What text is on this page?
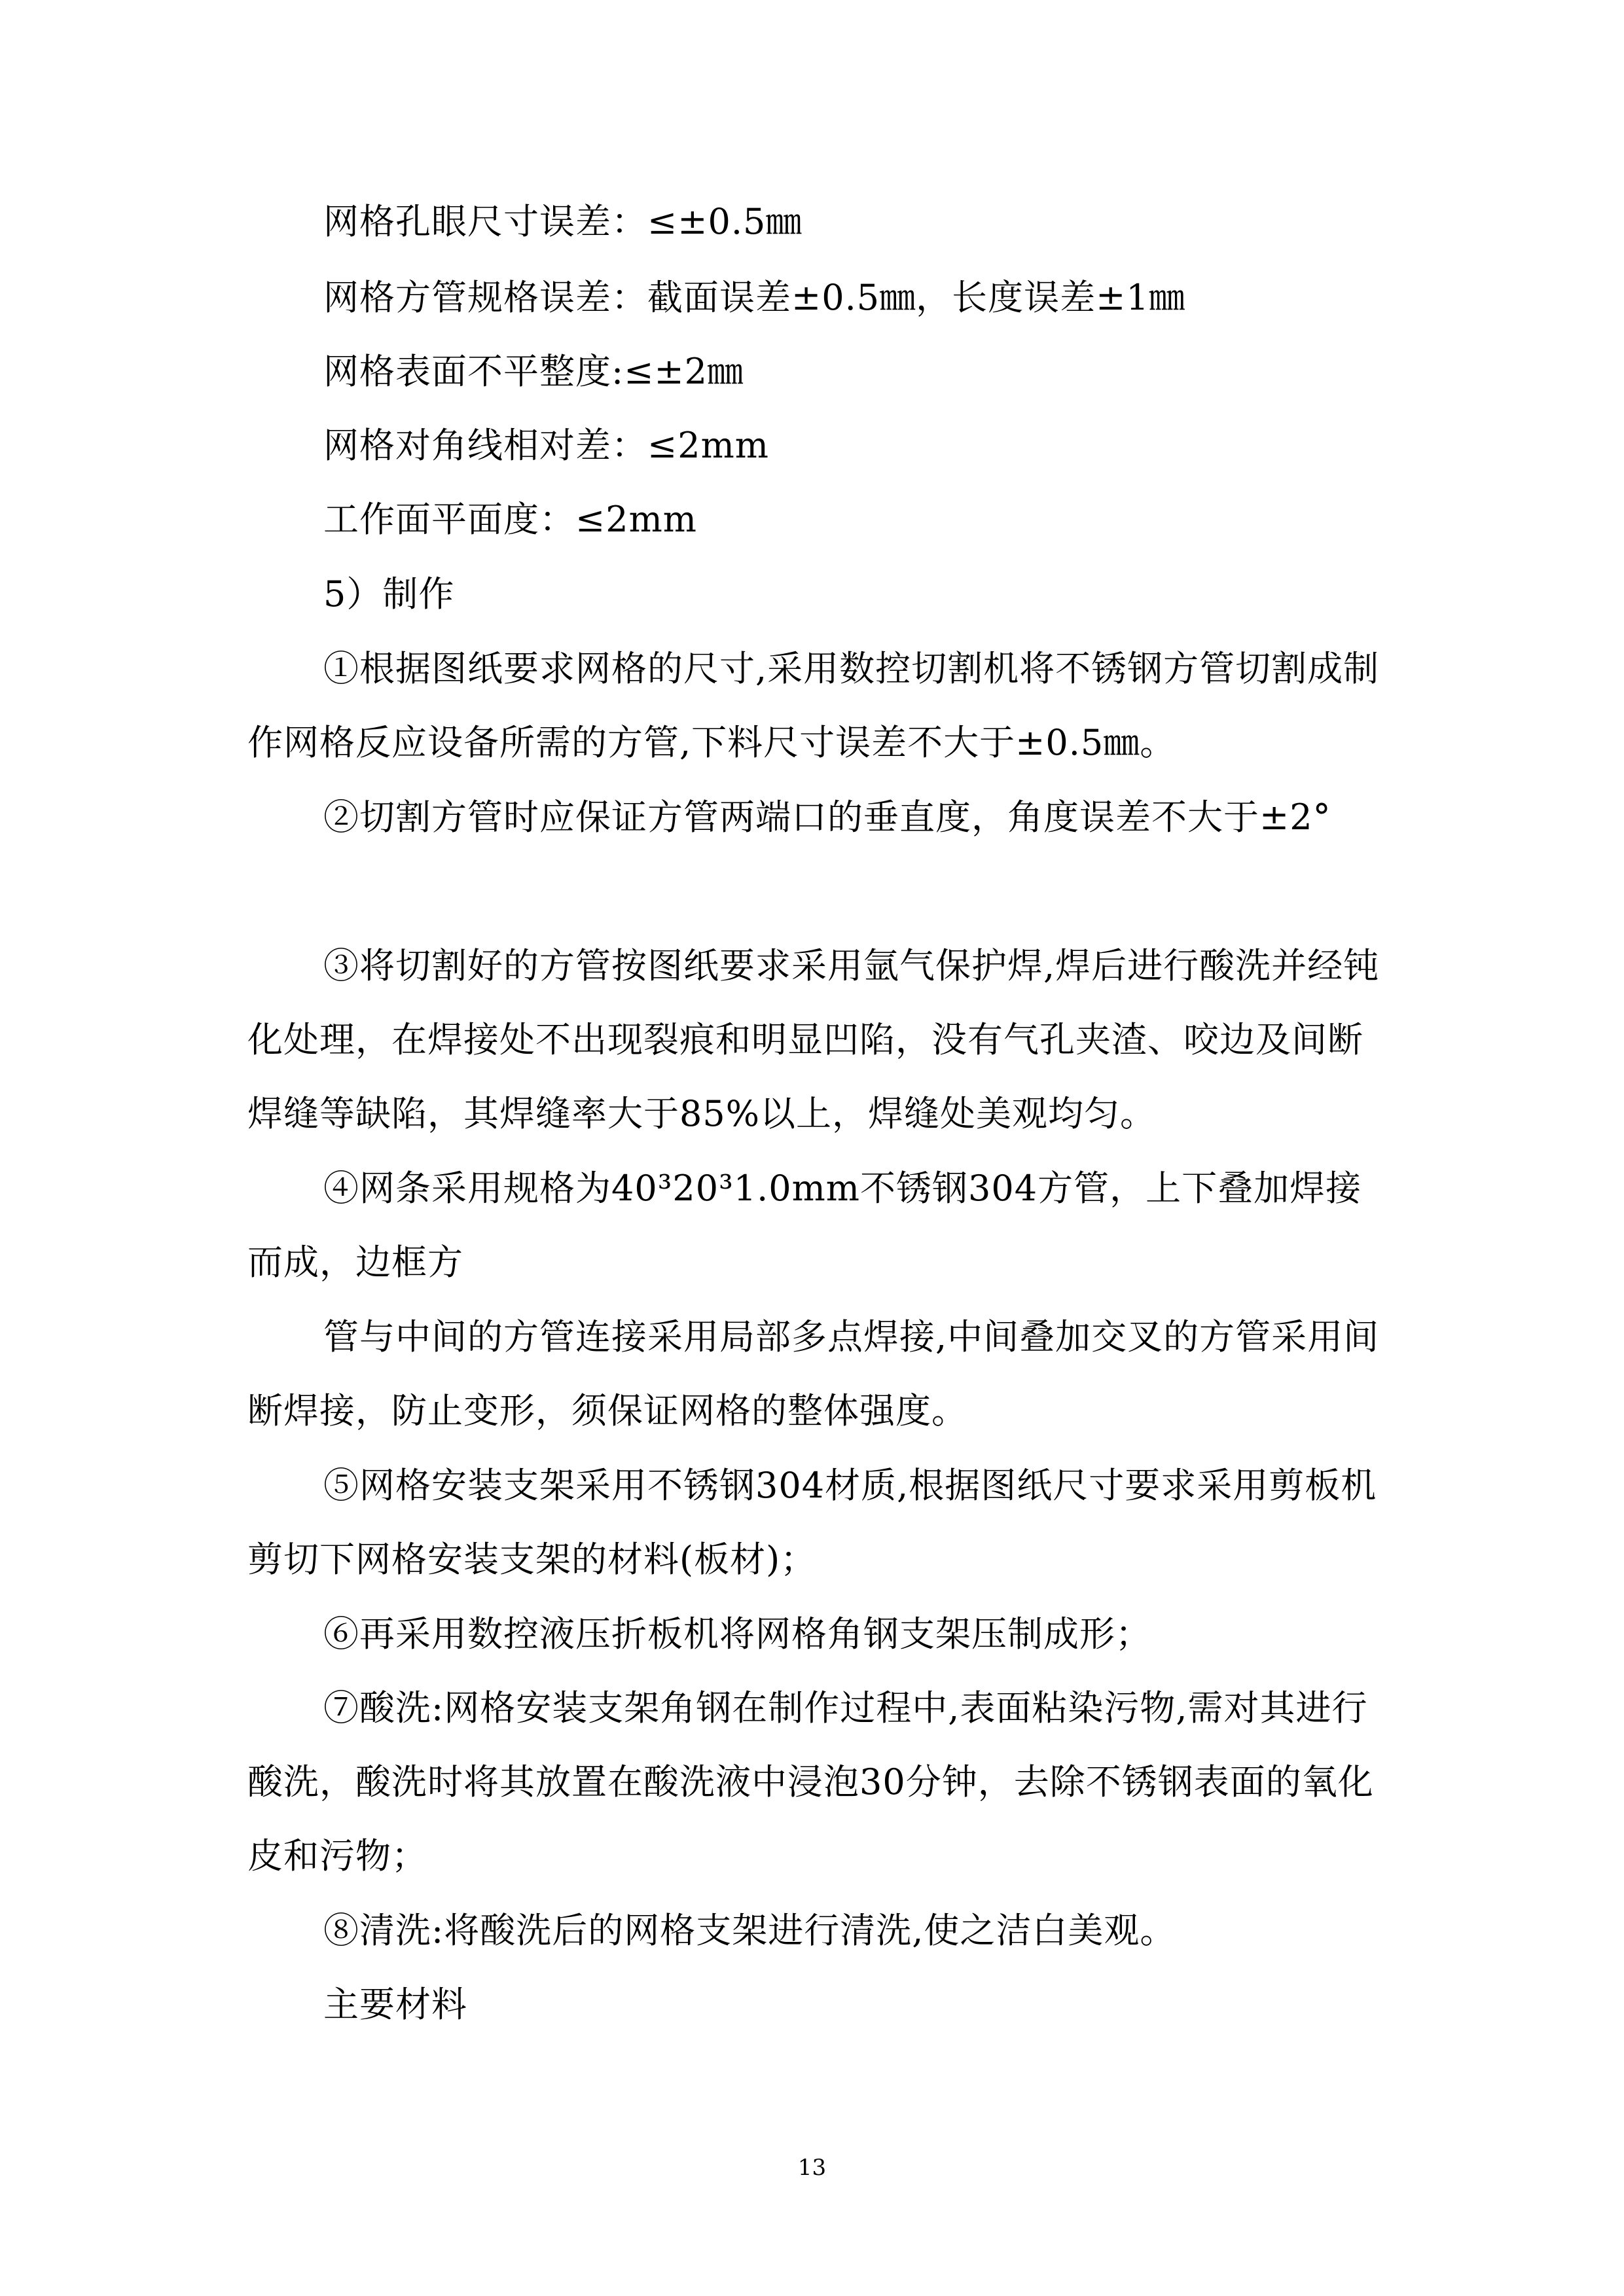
网格孔眼尺寸误差：≤±0.5㎜

网格方管规格误差：截面误差±0.5㎜，长度误差±1㎜

网格表面不平整度:≤±2㎜

网格对角线相对差：≤2mm

工作面平面度：≤2mm

5）制作

①根据图纸要求网格的尺寸,采用数控切割机将不锈钢方管切割成制作网格反应设备所需的方管,下料尺寸误差不大于±0.5㎜。

②切割方管时应保证方管两端口的垂直度，角度误差不大于±2°

③将切割好的方管按图纸要求采用氩气保护焊,焊后进行酸洗并经钝化处理，在焊接处不出现裂痕和明显凹陷，没有气孔夹渣、咬边及间断焊缝等缺陷，其焊缝率大于85%以上，焊缝处美观均匀。

④网条采用规格为40³20³1.0mm不锈钢304方管，上下叠加焊接而成，边框方

管与中间的方管连接采用局部多点焊接,中间叠加交叉的方管采用间断焊接，防止变形，须保证网格的整体强度。

⑤网格安装支架采用不锈钢304材质,根据图纸尺寸要求采用剪板机剪切下网格安装支架的材料(板材)；

⑥再采用数控液压折板机将网格角钢支架压制成形；

⑦酸洗:网格安装支架角钢在制作过程中,表面粘染污物,需对其进行酸洗，酸洗时将其放置在酸洗液中浸泡30分钟，去除不锈钢表面的氧化皮和污物；

⑧清洗:将酸洗后的网格支架进行清洗,使之洁白美观。

主要材料

13
